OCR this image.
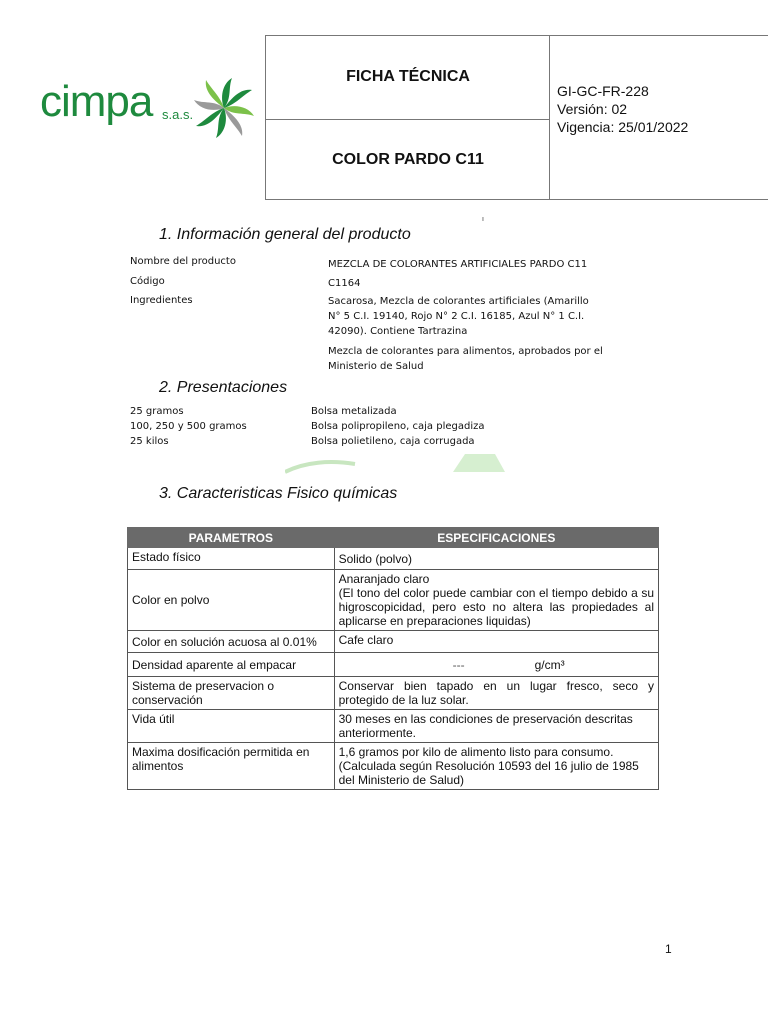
cimpa s.a.s.
FICHA TÉCNICA
COLOR PARDO C11
GI-GC-FR-228
Versión: 02
Vigencia: 25/01/2022
ı
1. Información general del producto
Nombre del producto	MEZCLA DE COLORANTES ARTIFICIALES PARDO C11
Código	C1164
Ingredientes	Sacarosa, Mezcla de colorantes artificiales (Amarillo N° 5 C.I. 19140, Rojo N° 2 C.I. 16185, Azul N° 1 C.I. 42090). Contiene Tartrazina
Mezcla de colorantes para alimentos, aprobados por el Ministerio de Salud
2. Presentaciones
25 gramos	Bolsa metalizada
100, 250 y 500 gramos	Bolsa polipropileno, caja plegadiza
25 kilos	Bolsa polietileno, caja corrugada
3. Caracteristicas Fisico químicas
PARAMETROS	ESPECIFICACIONES
Estado físico	Solido (polvo)
Color en polvo	Anaranjado claro
(El tono del color puede cambiar con el tiempo debido a su higroscopicidad, pero esto no altera las propiedades al aplicarse en preparaciones liquidas)

Color en solución acuosa al 0.01%	Cafe claro
Densidad aparente al empacar	--- g/cm³
Sistema de preservacion o conservación	Conservar bien tapado en un lugar fresco, seco y protegido de la luz solar.
Vida útil	30 meses en las condiciones de preservación descritas anteriormente.
Maxima dosificación permitida en alimentos	1,6 gramos por kilo de alimento listo para consumo. (Calculada según Resolución 10593 del 16 julio de 1985 del Ministerio de Salud)
1
